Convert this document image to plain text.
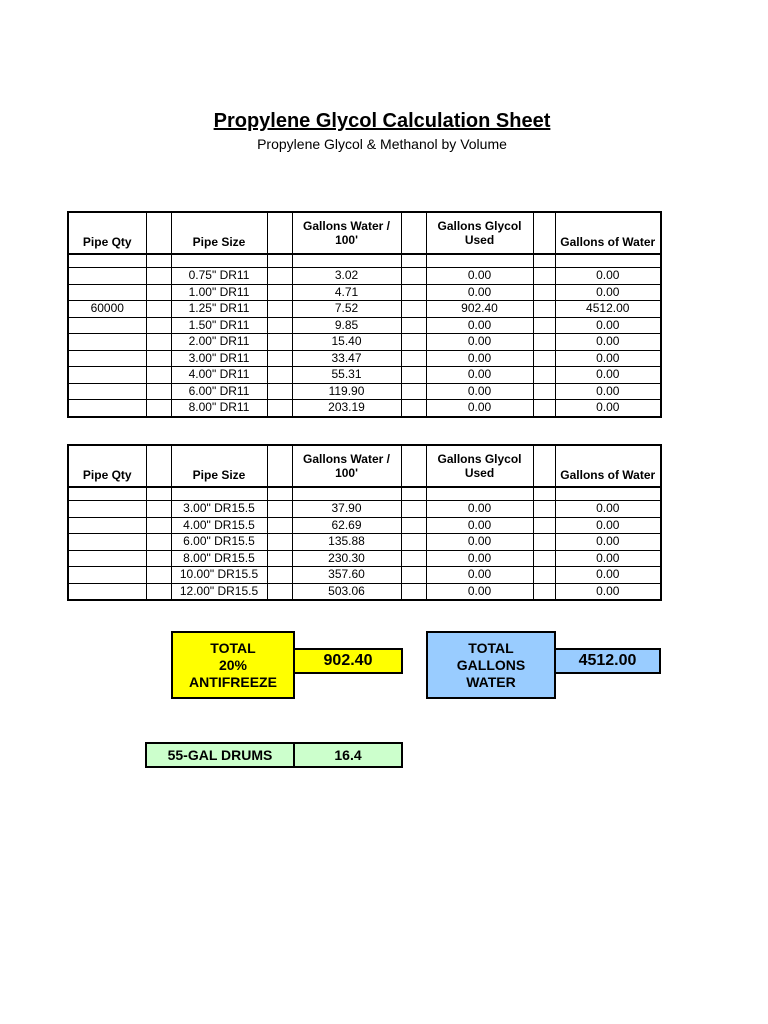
Propylene Glycol Calculation Sheet
Propylene Glycol & Methanol by Volume
Pipe Qty		Pipe Size		Gallons Water / 100'		Gallons Glycol Used		Gallons of Water

		0.75" DR11		3.02		0.00		0.00
		1.00" DR11		4.71		0.00		0.00
60000		1.25" DR11		7.52		902.40		4512.00
		1.50" DR11		9.85		0.00		0.00
		2.00" DR11		15.40		0.00		0.00
		3.00" DR11		33.47		0.00		0.00
		4.00" DR11		55.31		0.00		0.00
		6.00" DR11		119.90		0.00		0.00
		8.00" DR11		203.19		0.00		0.00
Pipe Qty		Pipe Size		Gallons Water / 100'		Gallons Glycol Used		Gallons of Water

		3.00" DR15.5		37.90		0.00		0.00
		4.00" DR15.5		62.69		0.00		0.00
		6.00" DR15.5		135.88		0.00		0.00
		8.00" DR15.5		230.30		0.00		0.00
		10.00" DR15.5		357.60		0.00		0.00
		12.00" DR15.5		503.06		0.00		0.00
TOTAL
20%
ANTIFREEZE
902.40
TOTAL
GALLONS
WATER
4512.00
55-GAL DRUMS	16.4
